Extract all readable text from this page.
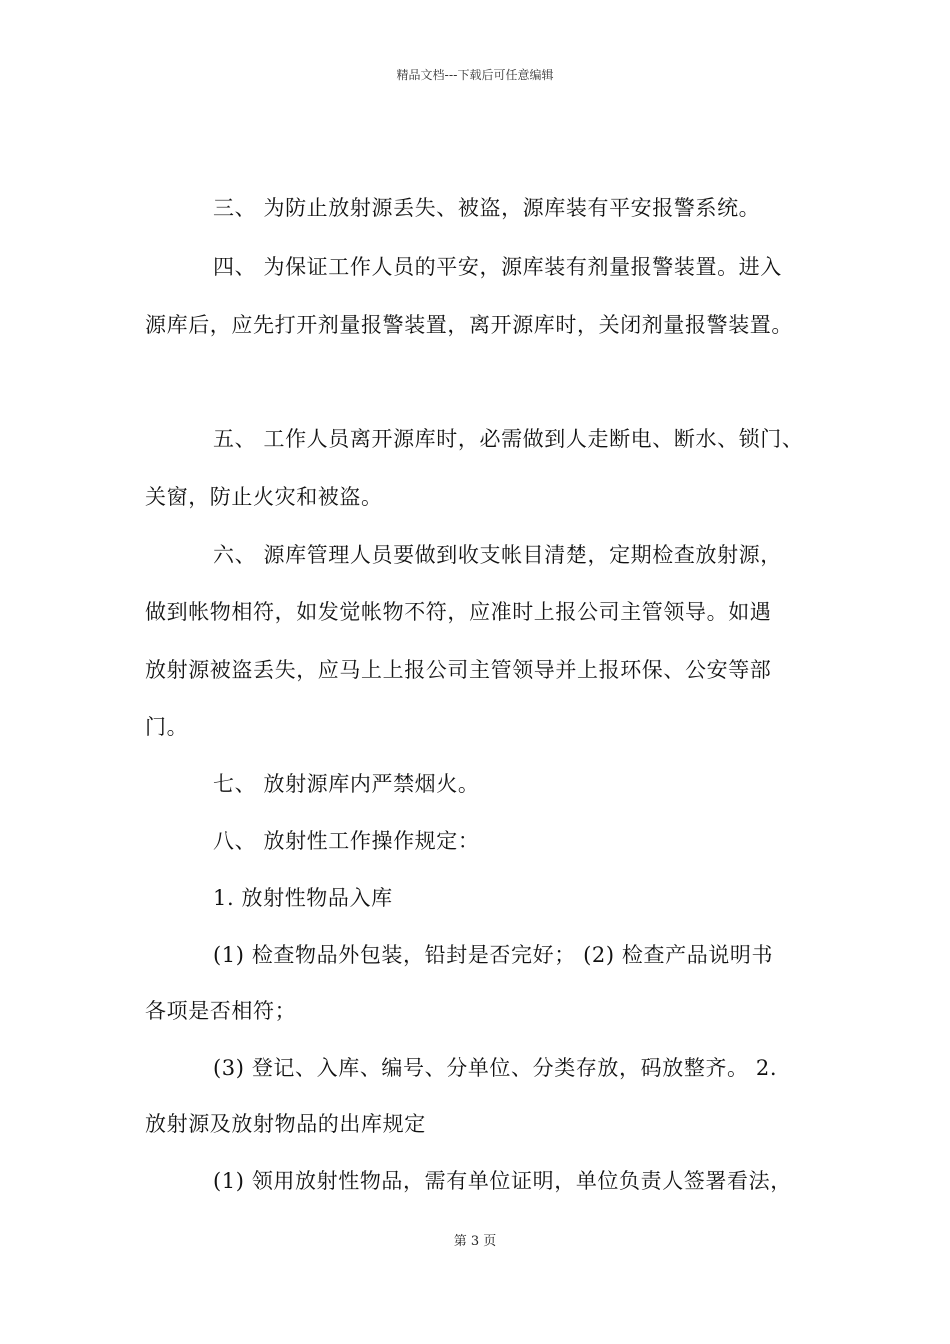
精品文档---下载后可任意编辑
三、 为防止放射源丢失、被盗，源库装有平安报警系统。
四、 为保证工作人员的平安，源库装有剂量报警装置。进入
源库后，应先打开剂量报警装置，离开源库时，关闭剂量报警装置。
五、 工作人员离开源库时，必需做到人走断电、断水、锁门、
关窗，防止火灾和被盗。
六、 源库管理人员要做到收支帐目清楚，定期检查放射源，
做到帐物相符，如发觉帐物不符，应准时上报公司主管领导。如遇
放射源被盗丢失，应马上上报公司主管领导并上报环保、公安等部
门。
七、 放射源库内严禁烟火。
八、 放射性工作操作规定：
1. 放射性物品入库
(1) 检查物品外包装，铅封是否完好； (2) 检查产品说明书
各项是否相符；
(3) 登记、入库、编号、分单位、分类存放，码放整齐。 2.
放射源及放射物品的出库规定
(1) 领用放射性物品，需有单位证明，单位负责人签署看法，
第 3 页
